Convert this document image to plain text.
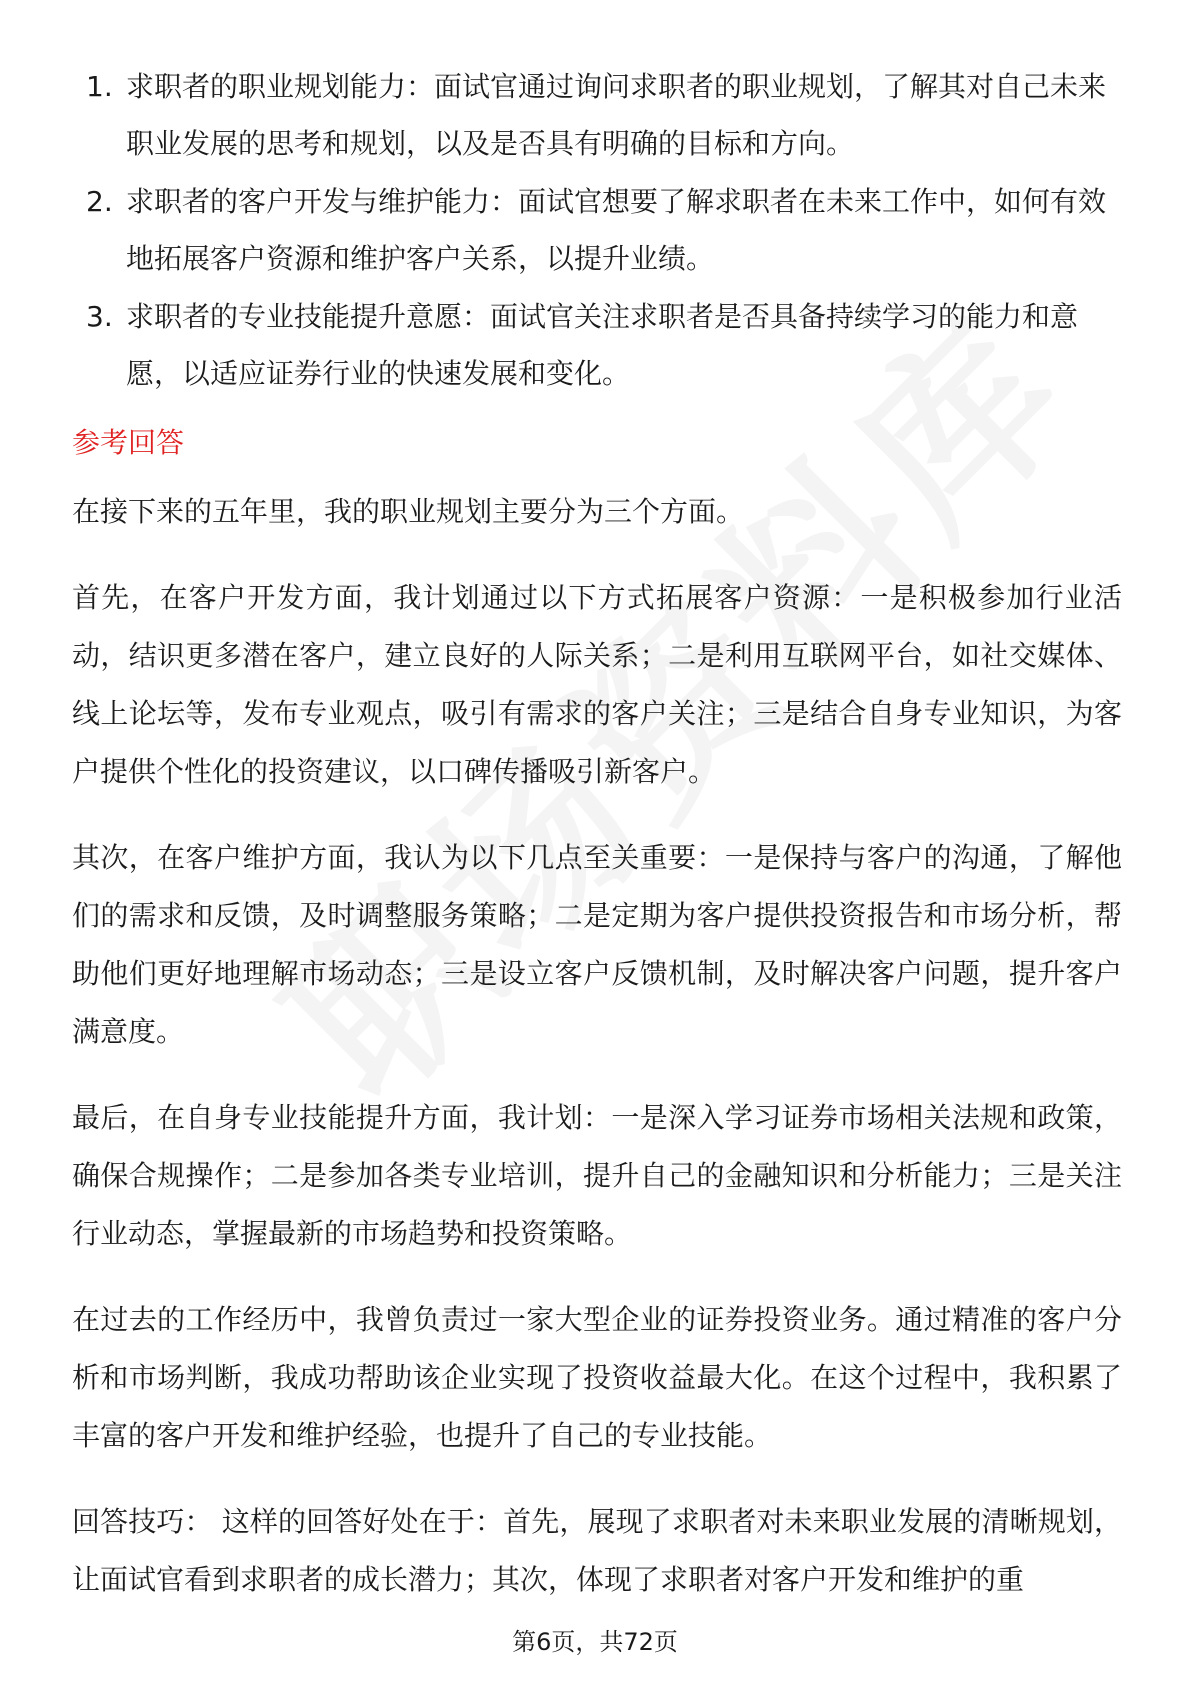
1. 求职者的职业规划能力：面试官通过询问求职者的职业规划，了解其对自己未来职业发展的思考和规划，以及是否具有明确的目标和方向。
2. 求职者的客户开发与维护能力：面试官想要了解求职者在未来工作中，如何有效地拓展客户资源和维护客户关系，以提升业绩。
3. 求职者的专业技能提升意愿：面试官关注求职者是否具备持续学习的能力和意愿，以适应证券行业的快速发展和变化。
参考回答

在接下来的五年里，我的职业规划主要分为三个方面。

首先，在客户开发方面，我计划通过以下方式拓展客户资源：一是积极参加行业活动，结识更多潜在客户，建立良好的人际关系；二是利用互联网平台，如社交媒体、线上论坛等，发布专业观点，吸引有需求的客户关注；三是结合自身专业知识，为客户提供个性化的投资建议，以口碑传播吸引新客户。

其次，在客户维护方面，我认为以下几点至关重要：一是保持与客户的沟通，了解他们的需求和反馈，及时调整服务策略；二是定期为客户提供投资报告和市场分析，帮助他们更好地理解市场动态；三是设立客户反馈机制，及时解决客户问题，提升客户满意度。

最后，在自身专业技能提升方面，我计划：一是深入学习证券市场相关法规和政策，确保合规操作；二是参加各类专业培训，提升自己的金融知识和分析能力；三是关注行业动态，掌握最新的市场趋势和投资策略。

在过去的工作经历中，我曾负责过一家大型企业的证券投资业务。通过精准的客户分析和市场判断，我成功帮助该企业实现了投资收益最大化。在这个过程中，我积累了丰富的客户开发和维护经验，也提升了自己的专业技能。

回答技巧： 这样的回答好处在于：首先，展现了求职者对未来职业发展的清晰规划，让面试官看到求职者的成长潜力；其次，体现了求职者对客户开发和维护的重

第6页，共72页
